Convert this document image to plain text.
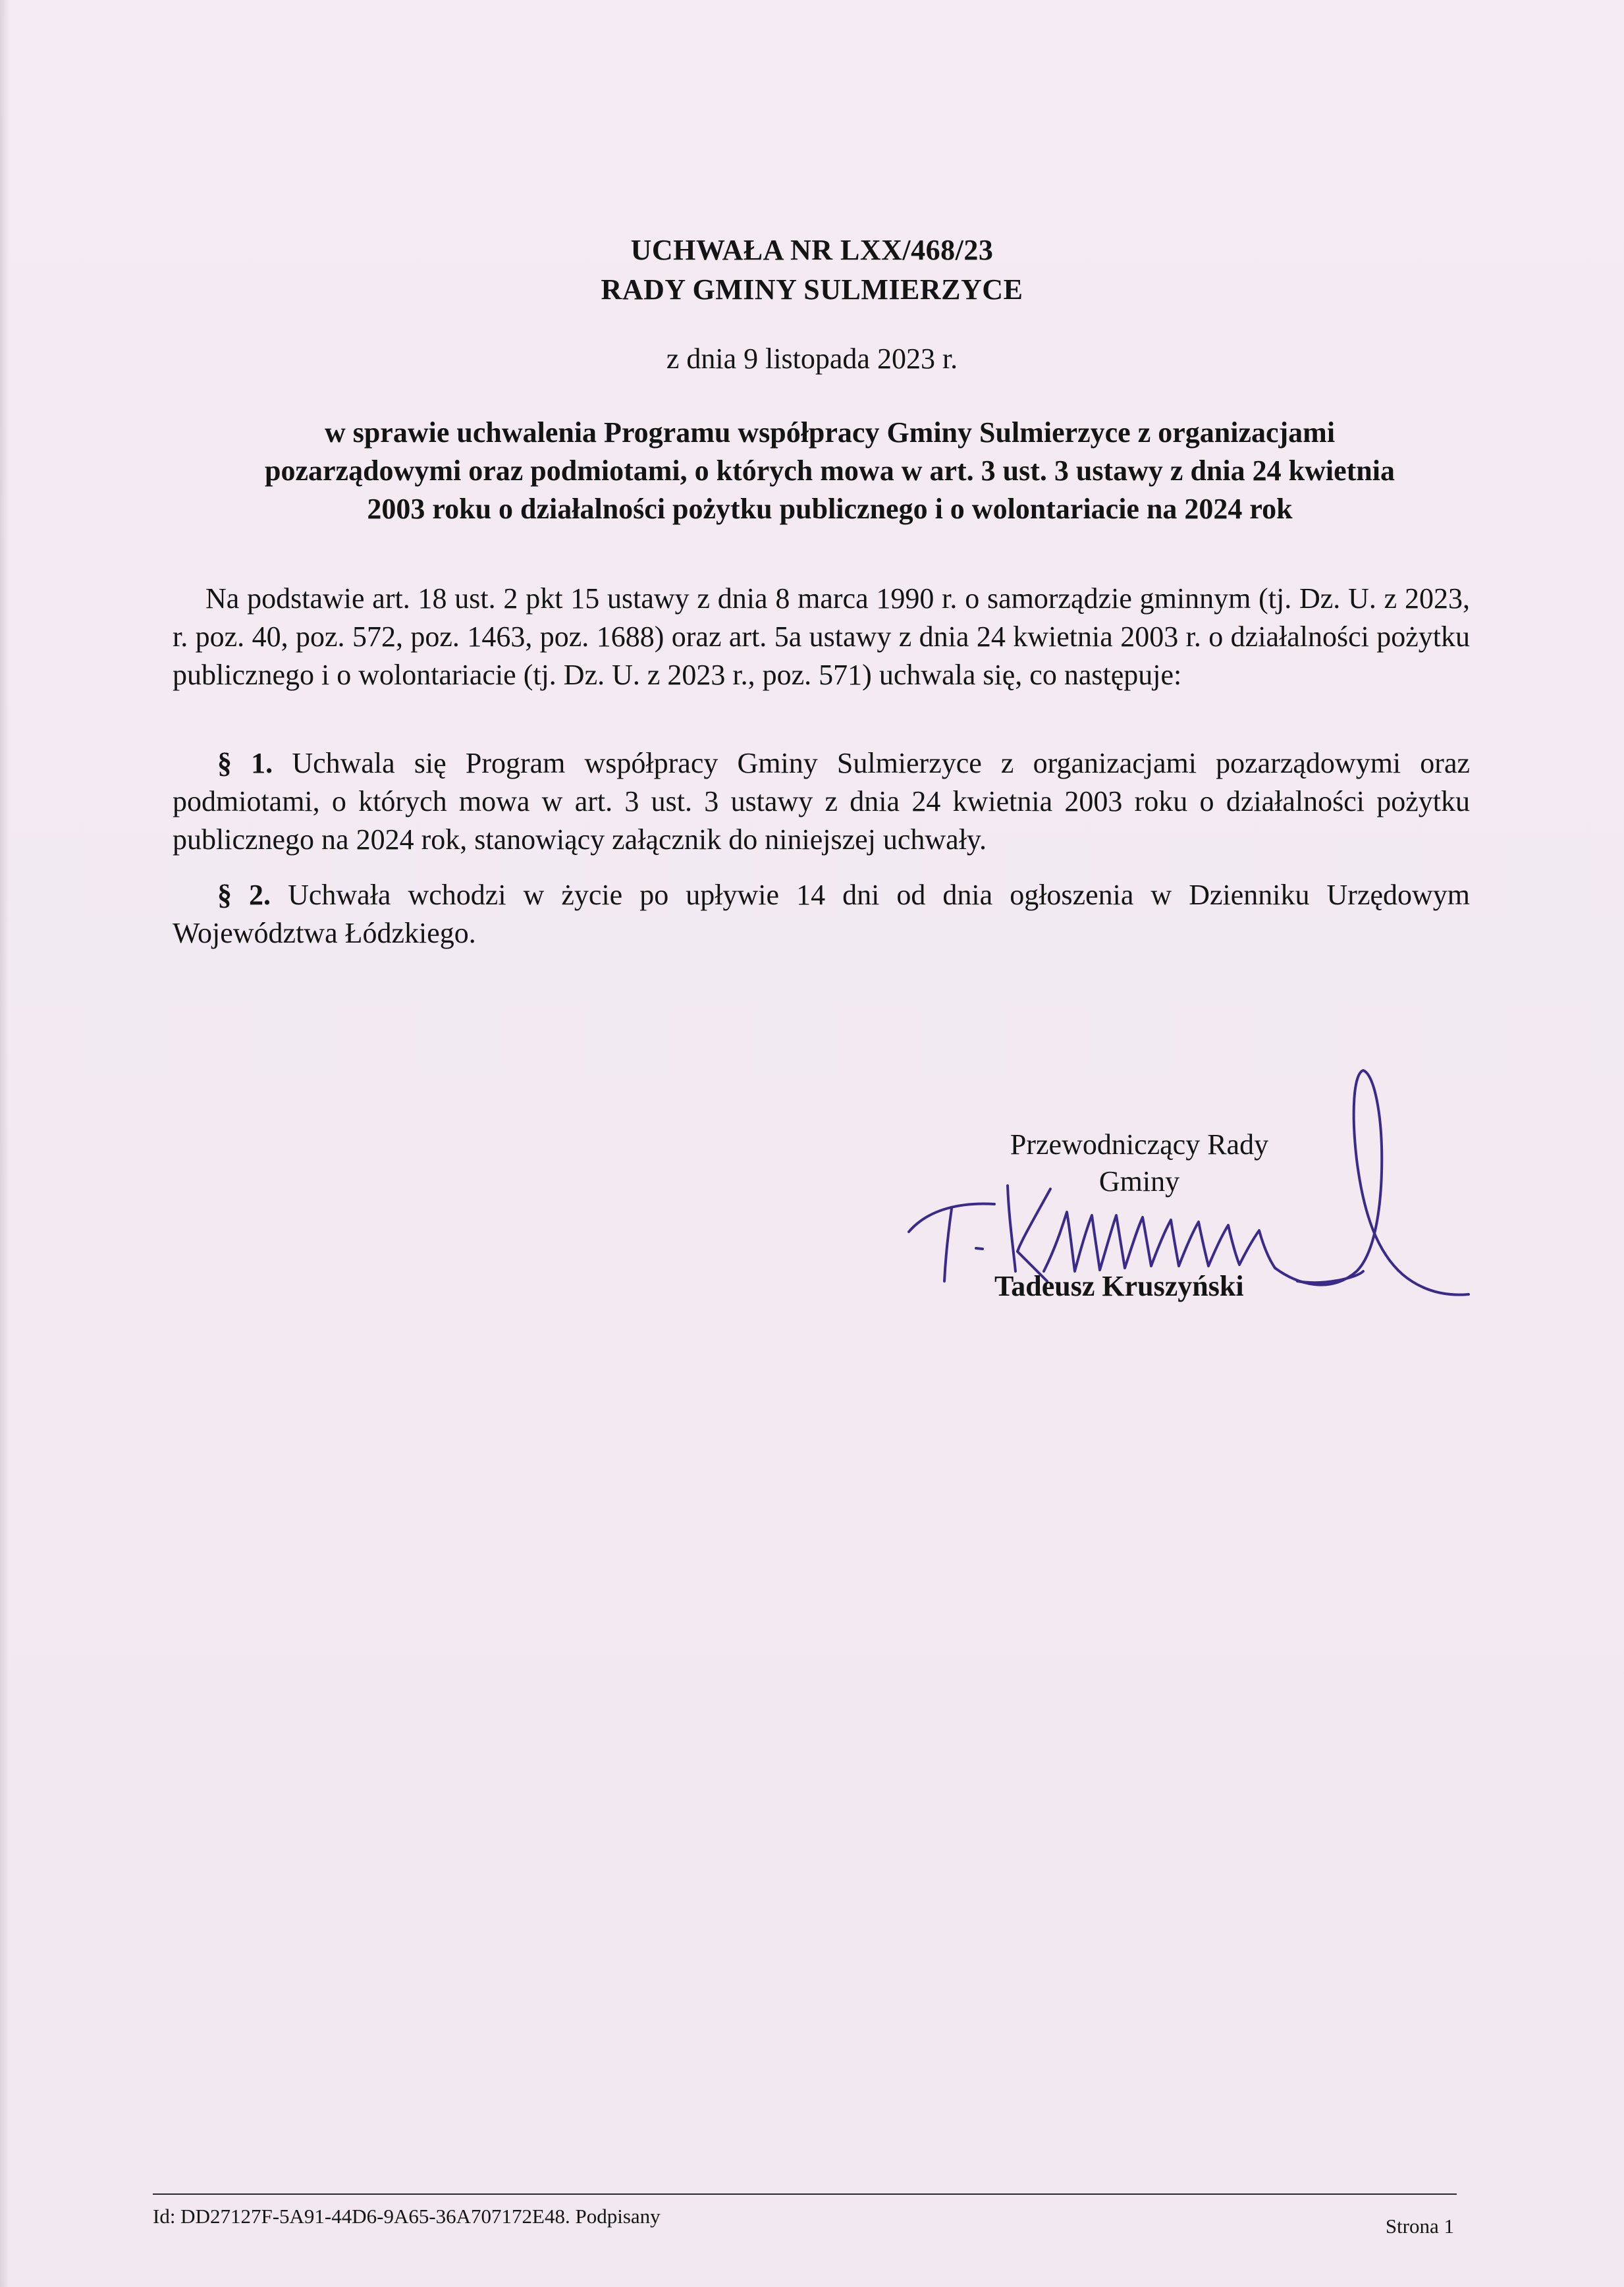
UCHWAŁA NR LXX/468/23
RADY GMINY SULMIERZYCE
z dnia 9 listopada 2023 r.
w sprawie uchwalenia Programu współpracy Gminy Sulmierzyce z organizacjami
pozarządowymi oraz podmiotami, o których mowa w art. 3 ust. 3 ustawy z dnia 24 kwietnia
2003 roku o działalności pożytku publicznego i o wolontariacie na 2024 rok
Na podstawie art. 18 ust. 2 pkt 15 ustawy z dnia 8 marca 1990 r. o samorządzie gminnym (tj. Dz. U. z 2023, r. poz. 40, poz. 572, poz. 1463, poz. 1688) oraz art. 5a ustawy z dnia 24 kwietnia 2003 r. o działalności pożytku publicznego i o wolontariacie (tj. Dz. U. z 2023 r., poz. 571) uchwala się, co następuje:
§ 1. Uchwala się Program współpracy Gminy Sulmierzyce z organizacjami pozarządowymi oraz podmiotami, o których mowa w art. 3 ust. 3 ustawy z dnia 24 kwietnia 2003 roku o działalności pożytku publicznego na 2024 rok, stanowiący załącznik do niniejszej uchwały.
§ 2. Uchwała wchodzi w życie po upływie 14 dni od dnia ogłoszenia w Dzienniku Urzędowym Województwa Łódzkiego.
Przewodniczący Rady
Gminy
Tadeusz Kruszyński
Id: DD27127F-5A91-44D6-9A65-36A707172E48. Podpisany	Strona 1
